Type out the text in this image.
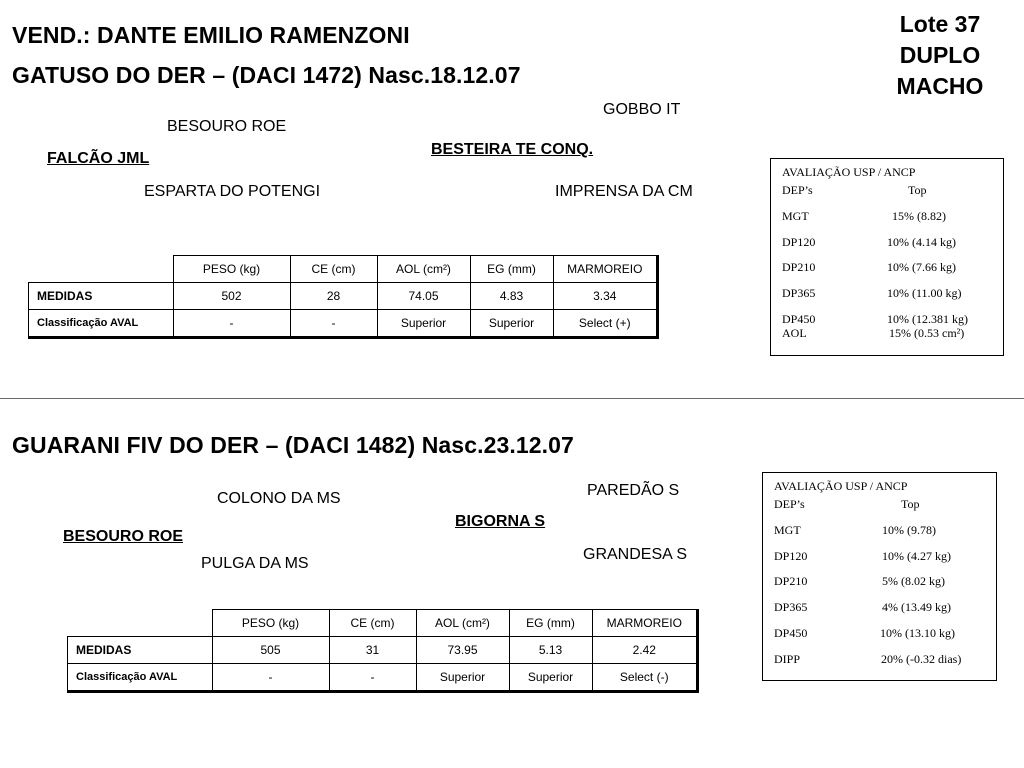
VEND.: DANTE EMILIO RAMENZONI	Lote 37
DUPLO
MACHO
GATUSO DO DER – (DACI 1472) Nasc.18.12.07
GOBBO IT
BESOURO ROE
BESTEIRA TE CONQ.
FALCÃO JML
ESPARTA DO POTENGI	IMPRENSA DA CM
	PESO (kg)	CE (cm)	AOL (cm²)	EG (mm)	MARMOREIO
MEDIDAS	502	28	74.05	4.83	3.34
Classificação AVAL	-	-	Superior	Superior	Select (+)
AVALIAÇÃO USP / ANCP
DEP’s	Top
MGT	15% (8.82)
DP120	10% (4.14 kg)
DP210	10% (7.66 kg)
DP365	10% (11.00 kg)
DP450	10% (12.381 kg)
AOL	15% (0.53 cm²)
GUARANI FIV DO DER – (DACI 1482) Nasc.23.12.07
PAREDÃO S
COLONO DA MS
BIGORNA S
BESOURO ROE
GRANDESA S
PULGA DA MS
	PESO (kg)	CE (cm)	AOL (cm²)	EG (mm)	MARMOREIO
MEDIDAS	505	31	73.95	5.13	2.42
Classificação AVAL	-	-	Superior	Superior	Select (-)
AVALIAÇÃO USP / ANCP
DEP’s	Top
MGT	10% (9.78)
DP120	10% (4.27 kg)
DP210	5% (8.02 kg)
DP365	4% (13.49 kg)
DP450	10% (13.10 kg)
DIPP	20% (-0.32 dias)
